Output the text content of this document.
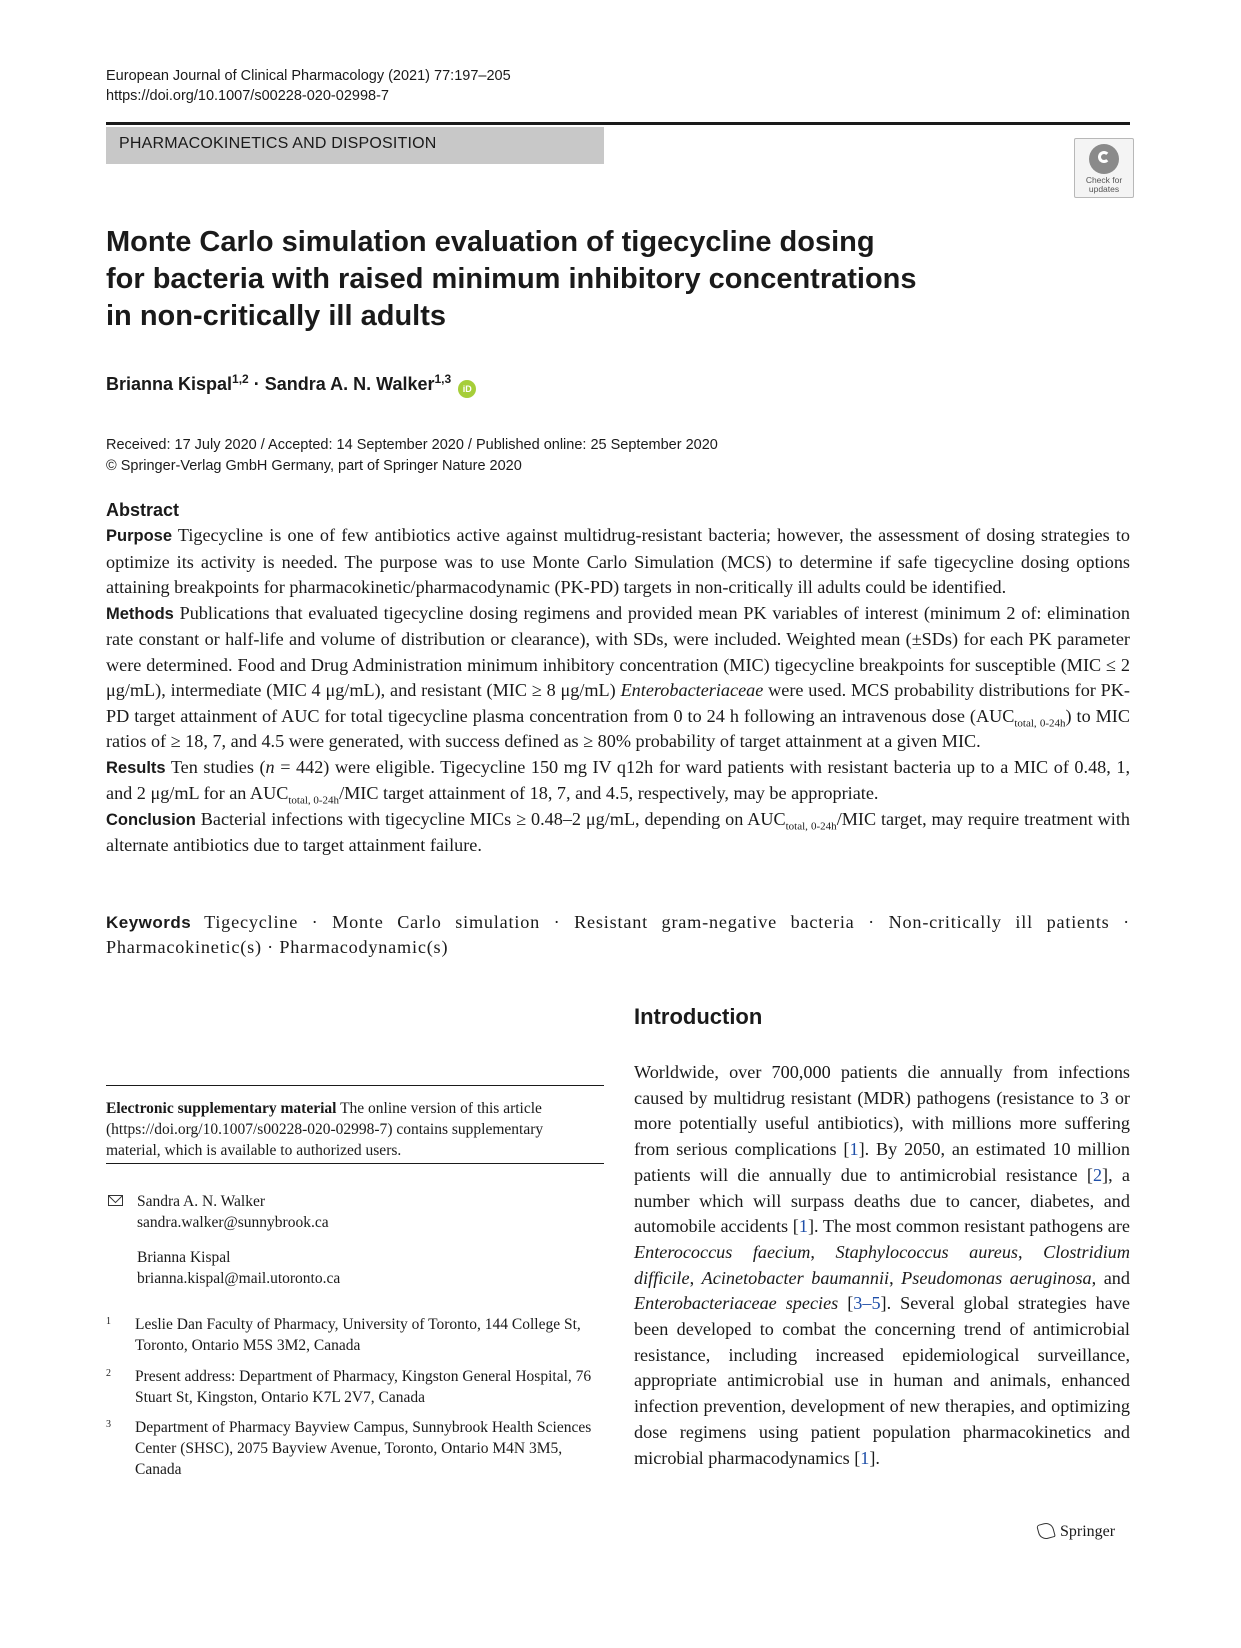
European Journal of Clinical Pharmacology (2021) 77:197–205
https://doi.org/10.1007/s00228-020-02998-7
PHARMACOKINETICS AND DISPOSITION
Check for
updates
Monte Carlo simulation evaluation of tigecycline dosing
for bacteria with raised minimum inhibitory concentrations
in non-critically ill adults
Brianna Kispal$^{1,2}$ · Sandra A. N. Walker$^{1,3}$ iD
Received: 17 July 2020 / Accepted: 14 September 2020 / Published online: 25 September 2020
© Springer-Verlag GmbH Germany, part of Springer Nature 2020
Abstract

Purpose Tigecycline is one of few antibiotics active against multidrug-resistant bacteria; however, the assessment of dosing strategies to optimize its activity is needed. The purpose was to use Monte Carlo Simulation (MCS) to determine if safe tigecycline dosing options attaining breakpoints for pharmacokinetic/pharmacodynamic (PK-PD) targets in non-critically ill adults could be identified.
Methods Publications that evaluated tigecycline dosing regimens and provided mean PK variables of interest (minimum 2 of: elimination rate constant or half-life and volume of distribution or clearance), with SDs, were included. Weighted mean (±SDs) for each PK parameter were determined. Food and Drug Administration minimum inhibitory concentration (MIC) tigecycline breakpoints for susceptible (MIC ≤ 2 μg/mL), intermediate (MIC 4 μg/mL), and resistant (MIC ≥ 8 μg/mL) Enterobacteriaceae were used. MCS probability distributions for PK-PD target attainment of AUC for total tigecycline plasma concentration from 0 to 24 h following an intravenous dose $(AUC_{total, 0-24h})$ to MIC ratios of ≥ 18, 7, and 4.5 were generated, with success defined as ≥ 80% probability of target attainment at a given MIC.
Results Ten studies (n = 442) were eligible. Tigecycline 150 mg IV q12h for ward patients with resistant bacteria up to a MIC of 0.48, 1, and 2 μg/mL for an $AUC_{total, 0-24h}$/MIC target attainment of 18, 7, and 4.5, respectively, may be appropriate.
Conclusion Bacterial infections with tigecycline MICs ≥ 0.48–2 μg/mL, depending on $AUC_{total, 0-24h}$/MIC target, may require treatment with alternate antibiotics due to target attainment failure.

Keywords Tigecycline · Monte Carlo simulation · Resistant gram-negative bacteria · Non-critically ill patients · Pharmacokinetic(s) · Pharmacodynamic(s)
Electronic supplementary material The online version of this article (https://doi.org/10.1007/s00228-020-02998-7) contains supplementary material, which is available to authorized users.
Sandra A. N. Walker
sandra.walker@sunnybrook.ca
Brianna Kispal
brianna.kispal@mail.utoronto.ca
1 Leslie Dan Faculty of Pharmacy, University of Toronto, 144 College St, Toronto, Ontario M5S 3M2, Canada
2 Present address: Department of Pharmacy, Kingston General Hospital, 76 Stuart St, Kingston, Ontario K7L 2V7, Canada
3 Department of Pharmacy Bayview Campus, Sunnybrook Health Sciences Center (SHSC), 2075 Bayview Avenue, Toronto, Ontario M4N 3M5, Canada
Introduction

Worldwide, over 700,000 patients die annually from infections caused by multidrug resistant (MDR) pathogens (resistance to 3 or more potentially useful antibiotics), with millions more suffering from serious complications [1]. By 2050, an estimated 10 million patients will die annually due to antimicrobial resistance [2], a number which will surpass deaths due to cancer, diabetes, and automobile accidents [1]. The most common resistant pathogens are Enterococcus faecium, Staphylococcus aureus, Clostridium difficile, Acinetobacter baumannii, Pseudomonas aeruginosa, and Enterobacteriaceae species [3–5]. Several global strategies have been developed to combat the concerning trend of antimicrobial resistance, including increased epidemiological surveillance, appropriate antimicrobial use in human and animals, enhanced infection prevention, development of new therapies, and optimizing dose regimens using patient population pharmacokinetics and microbial pharmacodynamics [1].

Springer
